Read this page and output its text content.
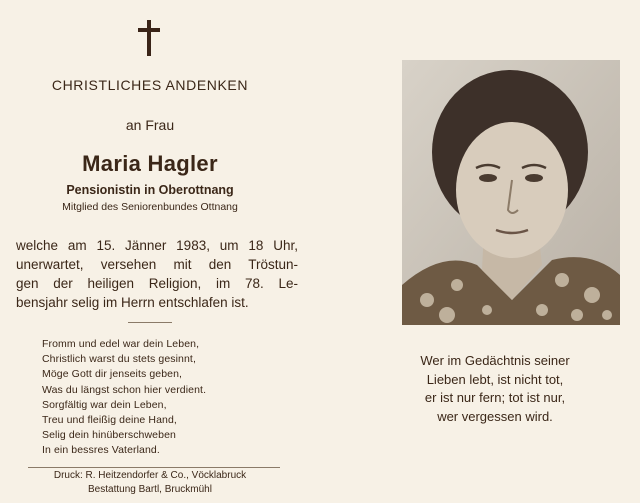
CHRISTLICHES ANDENKEN
an Frau
Maria Hagler
Pensionistin in Oberottnang
Mitglied des Seniorenbundes Ottnang
welche am 15. Jänner 1983, um 18 Uhr,
unerwartet, versehen mit den Tröstun-
gen der heiligen Religion, im 78. Le-
bensjahr selig im Herrn entschlafen ist.
Fromm und edel war dein Leben,
Christlich warst du stets gesinnt,
Möge Gott dir jenseits geben,
Was du längst schon hier verdient.
Sorgfältig war dein Leben,
Treu und fleißig deine Hand,
Selig dein hinüberschweben
In ein bessres Vaterland.
Druck: R. Heitzendorfer & Co., Vöcklabruck
Bestattung Bartl, Bruckmühl
Wer im Gedächtnis seiner
Lieben lebt, ist nicht tot,
er ist nur fern; tot ist nur,
wer vergessen wird.
